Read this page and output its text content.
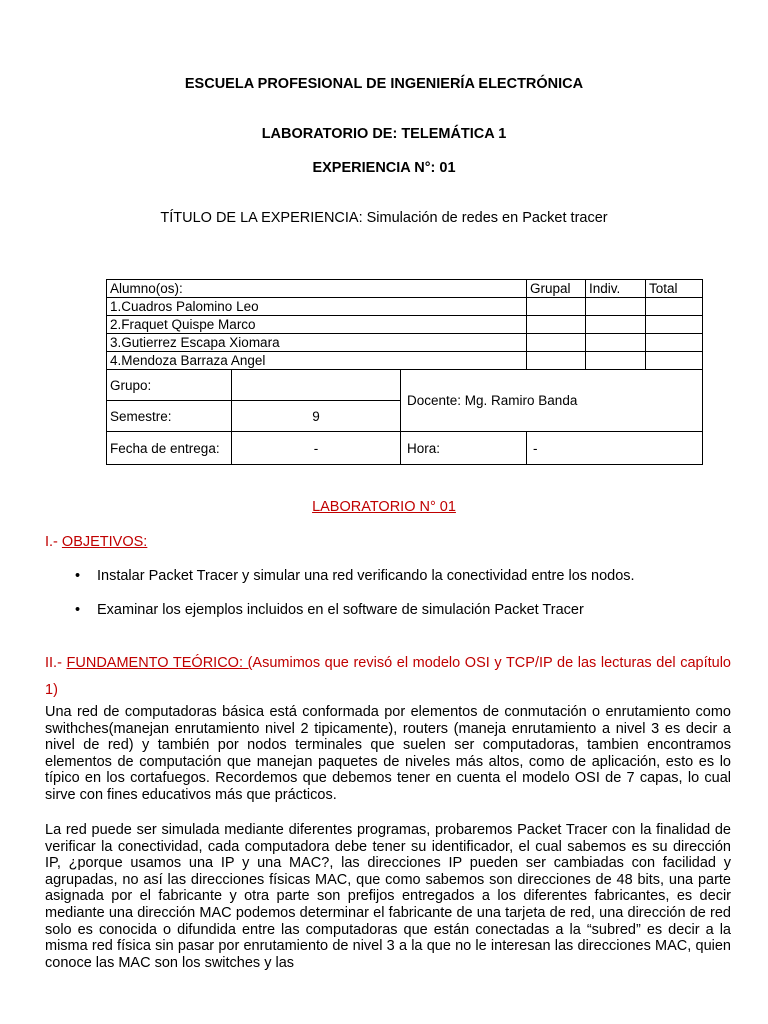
ESCUELA PROFESIONAL DE INGENIERÍA ELECTRÓNICA
LABORATORIO DE: TELEMÁTICA 1
EXPERIENCIA N°: 01
TÍTULO DE LA EXPERIENCIA: Simulación de redes en Packet tracer
Alumno(os):			Grupal	Indiv.	Total
1.Cuadros Palomino Leo					
2.Fraquet Quispe Marco					
3.Gutierrez Escapa Xiomara					
4.Mendoza Barraza Angel					
Grupo:		Docente: Mg. Ramiro Banda			
Semestre:	9				
Fecha de entrega:	-	Hora:	-		
LABORATORIO N° 01
I.- OBJETIVOS:
• Instalar Packet Tracer y simular una red verificando la conectividad entre los nodos.
• Examinar los ejemplos incluidos en el software de simulación Packet Tracer
II.- FUNDAMENTO TEÓRICO: (Asumimos que revisó el modelo OSI y TCP/IP de las lecturas del capítulo 1)
Una red de computadoras básica está conformada por elementos de conmutación o enrutamiento como swithches(manejan enrutamiento nivel 2 tipicamente), routers (maneja enrutamiento a nivel 3 es decir a nivel de red) y también por nodos terminales que suelen ser computadoras, tambien encontramos elementos de computación que manejan paquetes de niveles más altos, como de aplicación, esto es lo típico en los cortafuegos. Recordemos que debemos tener en cuenta el modelo OSI de 7 capas, lo cual sirve con fines educativos más que prácticos.
La red puede ser simulada mediante diferentes programas, probaremos Packet Tracer con la finalidad de verificar la conectividad, cada computadora debe tener su identificador, el cual sabemos es su dirección IP, ¿porque usamos una IP y una MAC?, las direcciones IP pueden ser cambiadas con facilidad y agrupadas, no así las direcciones físicas MAC, que como sabemos son direcciones de 48 bits, una parte asignada por el fabricante y otra parte son prefijos entregados a los diferentes fabricantes, es decir mediante una dirección MAC podemos determinar el fabricante de una tarjeta de red, una dirección de red solo es conocida o difundida entre las computadoras que están conectadas a la “subred” es decir a la misma red física sin pasar por enrutamiento de nivel 3 a la que no le interesan las direcciones MAC, quien conoce las MAC son los switches y las
